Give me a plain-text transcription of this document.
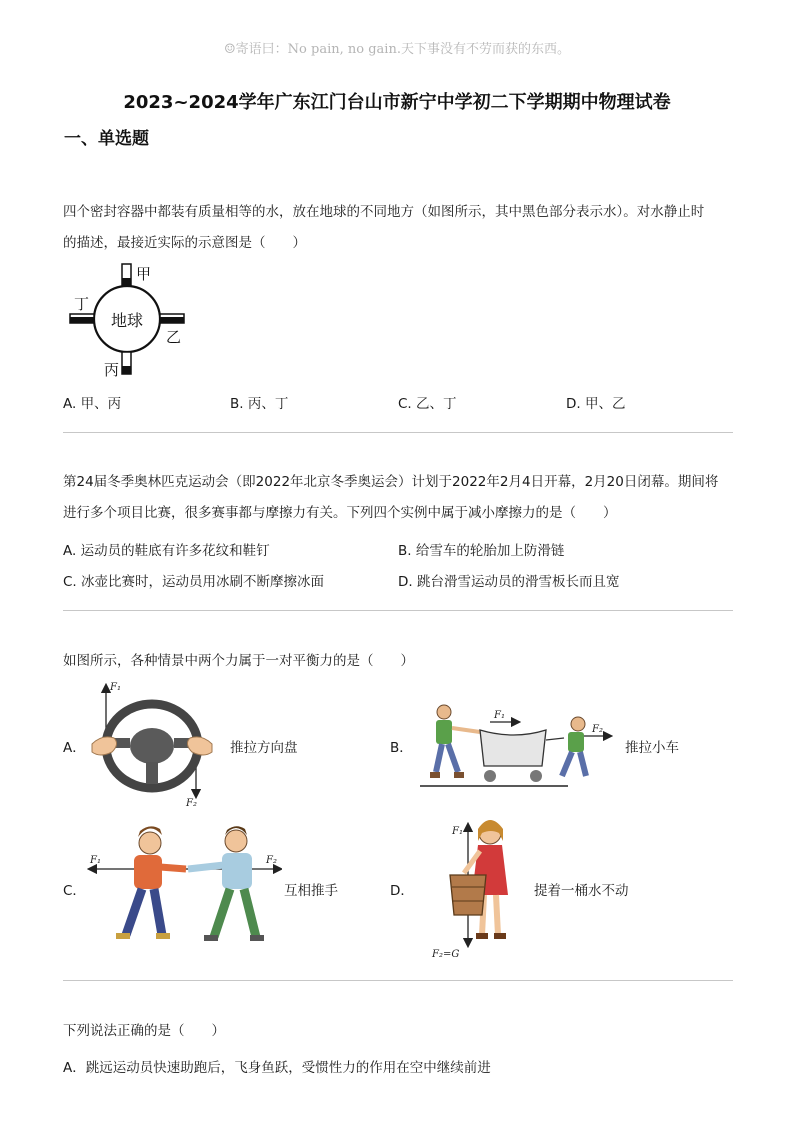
☺寄语曰：No pain, no gain.天下事没有不劳而获的东西。
2023~2024学年广东江门台山市新宁中学初二下学期期中物理试卷
一、单选题
四个密封容器中都装有质量相等的水，放在地球的不同地方（如图所示，其中黑色部分表示水）。对水静止时
的描述，最接近实际的示意图是（　　）
地球
甲
乙
丙
丁
A. 甲、丙	B. 丙、丁	C. 乙、丁	D. 甲、乙
第24届冬季奥林匹克运动会（即2022年北京冬季奥运会）计划于2022年2月4日开幕，2月20日闭幕。期间将
进行多个项目比赛，很多赛事都与摩擦力有关。下列四个实例中属于减小摩擦力的是（　　）
A. 运动员的鞋底有许多花纹和鞋钉	B. 给雪车的轮胎加上防滑链
C. 冰壶比赛时，运动员用冰刷不断摩擦冰面	D. 跳台滑雪运动员的滑雪板长而且宽
如图所示，各种情景中两个力属于一对平衡力的是（　　）
A．
F₁
F₂
推拉方向盘	B．
F₁
F₂
推拉小车
C．
F₁	F₂
互相推手	D．
F₁
F₂=G
提着一桶水不动
下列说法正确的是（　　）
A．跳远运动员快速助跑后，飞身鱼跃，受惯性力的作用在空中继续前进
